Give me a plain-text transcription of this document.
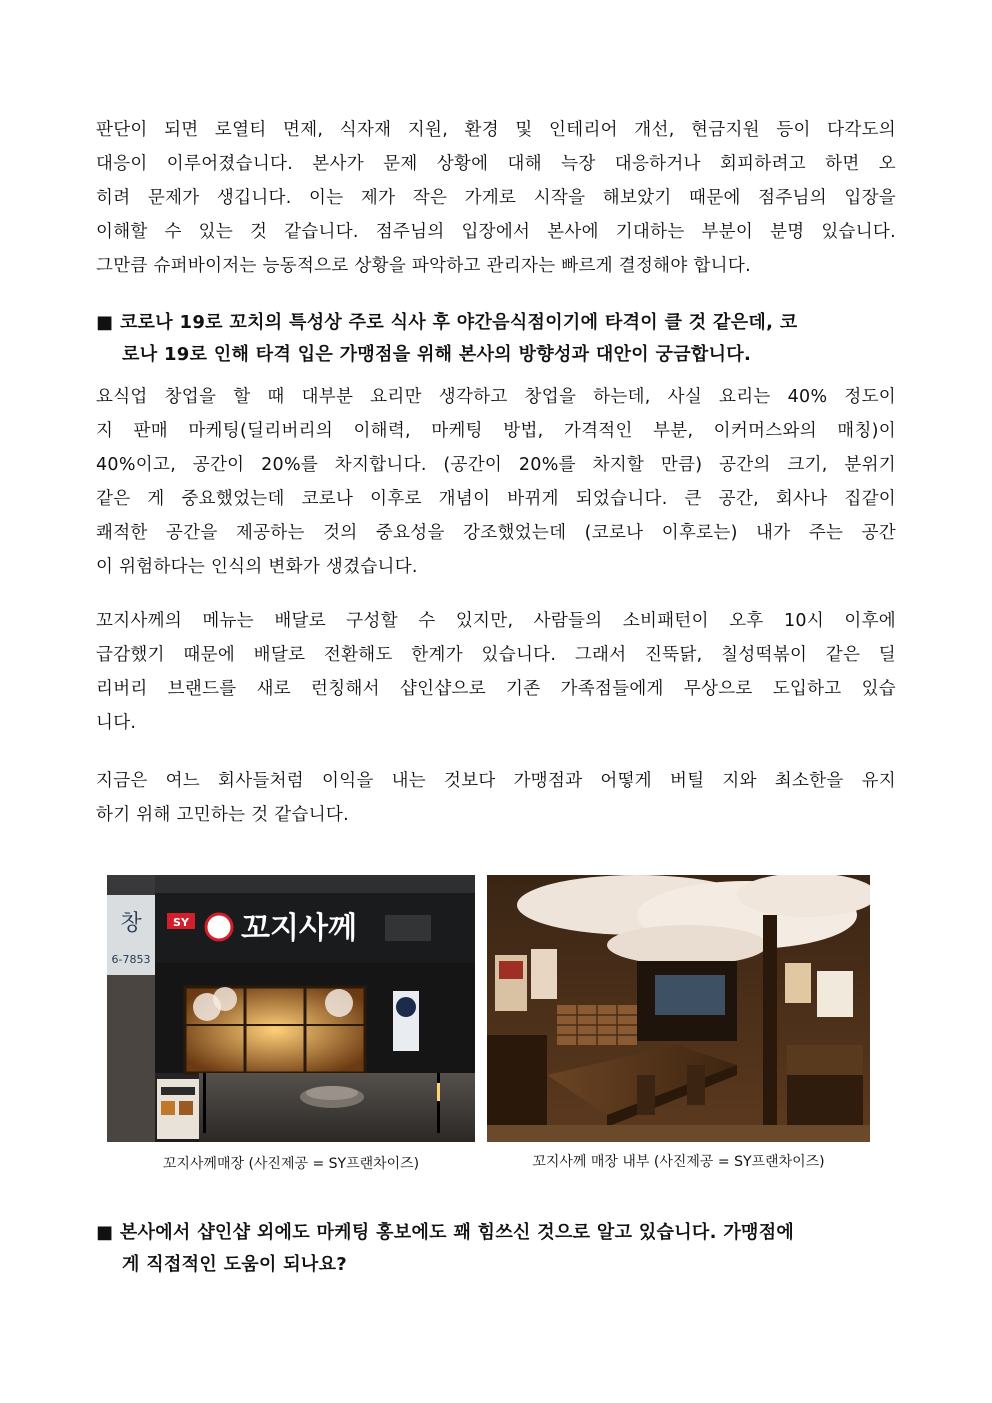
판단이 되면 로열티 면제, 식자재 지원, 환경 및 인테리어 개선, 현금지원 등이 다각도의
대응이 이루어졌습니다. 본사가 문제 상황에 대해 늑장 대응하거나 회피하려고 하면 오
히려 문제가 생깁니다. 이는 제가 작은 가게로 시작을 해보았기 때문에 점주님의 입장을
이해할 수 있는 것 같습니다. 점주님의 입장에서 본사에 기대하는 부분이 분명 있습니다.
그만큼 슈퍼바이저는 능동적으로 상황을 파악하고 관리자는 빠르게 결정해야 합니다.
■ 코로나 19로 꼬치의 특성상 주로 식사 후 야간음식점이기에 타격이 클 것 같은데, 코
로나 19로 인해 타격 입은 가맹점을 위해 본사의 방향성과 대안이 궁금합니다.
요식업 창업을 할 때 대부분 요리만 생각하고 창업을 하는데, 사실 요리는 40% 정도이
지 판매 마케팅(딜리버리의 이해력, 마케팅 방법, 가격적인 부분, 이커머스와의 매칭)이
40%이고, 공간이 20%를 차지합니다. (공간이 20%를 차지할 만큼) 공간의 크기, 분위기
같은 게 중요했었는데 코로나 이후로 개념이 바뀌게 되었습니다. 큰 공간, 회사나 집같이
쾌적한 공간을 제공하는 것의 중요성을 강조했었는데 (코로나 이후로는) 내가 주는 공간
이 위험하다는 인식의 변화가 생겼습니다.
꼬지사께의 메뉴는 배달로 구성할 수 있지만, 사람들의 소비패턴이 오후 10시 이후에
급감했기 때문에 배달로 전환해도 한계가 있습니다. 그래서 진뚝닭, 칠성떡볶이 같은 딜
리버리 브랜드를 새로 런칭해서 샵인샵으로 기존 가족점들에게 무상으로 도입하고 있습
니다.
지금은 여느 회사들처럼 이익을 내는 것보다 가맹점과 어떻게 버틸 지와 최소한을 유지
하기 위해 고민하는 것 같습니다.
창
6-7853
SY 꼬지사께
꼬지사께매장 (사진제공 = SY프랜차이즈)	꼬지사께 매장 내부 (사진제공 = SY프랜차이즈)
■ 본사에서 샵인샵 외에도 마케팅 홍보에도 꽤 힘쓰신 것으로 알고 있습니다. 가맹점에
게 직접적인 도움이 되나요?
